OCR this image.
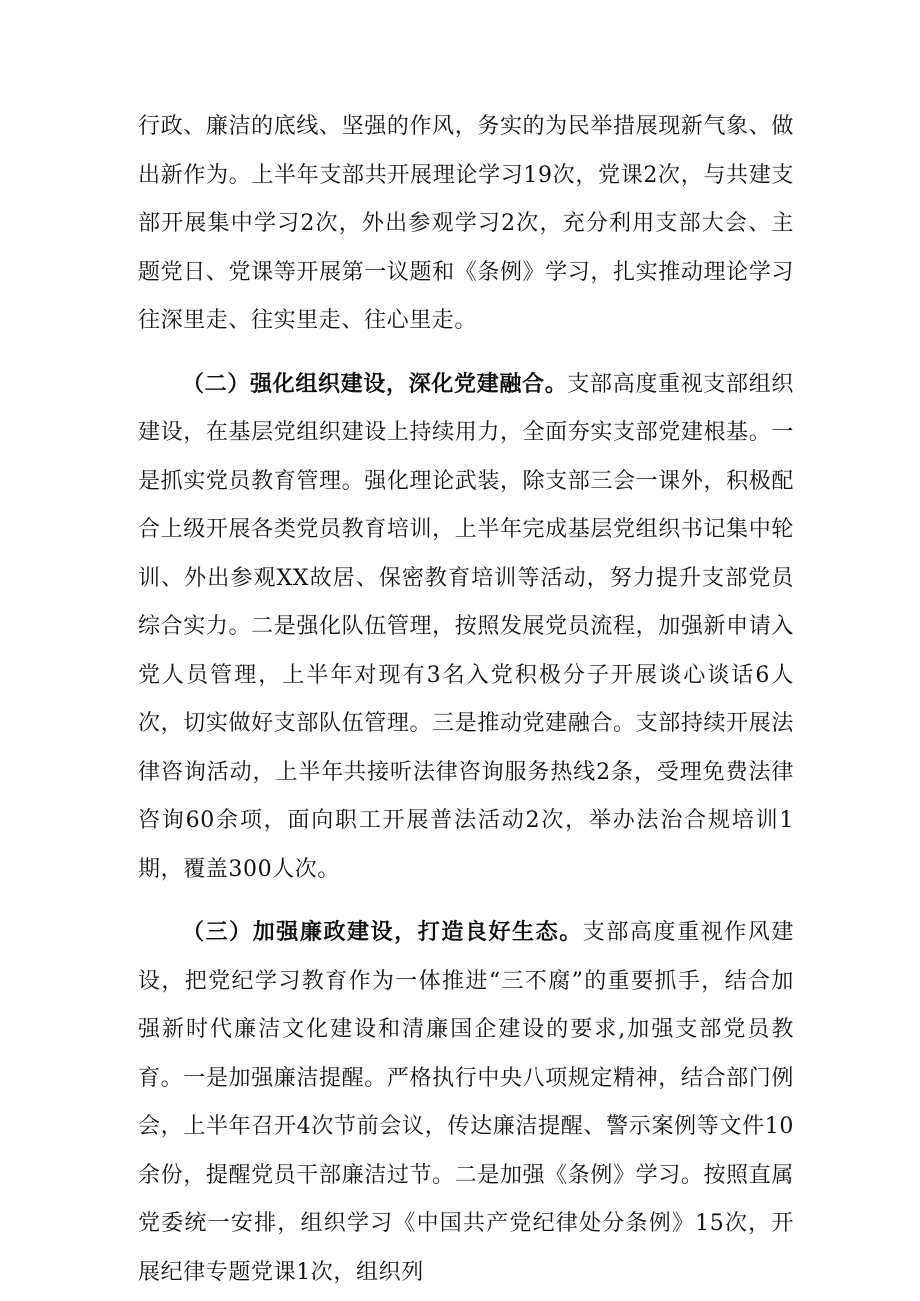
行政、廉洁的底线、坚强的作风，务实的为民举措展现新气象、做出新作为。上半年支部共开展理论学习19次，党课2次，与共建支部开展集中学习2次，外出参观学习2次，充分利用支部大会、主题党日、党课等开展第一议题和《条例》学习，扎实推动理论学习往深里走、往实里走、往心里走。

（二）强化组织建设，深化党建融合。支部高度重视支部组织建设，在基层党组织建设上持续用力，全面夯实支部党建根基。一是抓实党员教育管理。强化理论武装，除支部三会一课外，积极配合上级开展各类党员教育培训，上半年完成基层党组织书记集中轮训、外出参观XX故居、保密教育培训等活动，努力提升支部党员综合实力。二是强化队伍管理，按照发展党员流程，加强新申请入党人员管理，上半年对现有3名入党积极分子开展谈心谈话6人次，切实做好支部队伍管理。三是推动党建融合。支部持续开展法律咨询活动，上半年共接听法律咨询服务热线2条，受理免费法律咨询60余项，面向职工开展普法活动2次，举办法治合规培训1期，覆盖300人次。

（三）加强廉政建设，打造良好生态。支部高度重视作风建设，把党纪学习教育作为一体推进“三不腐”的重要抓手，结合加强新时代廉洁文化建设和清廉国企建设的要求,加强支部党员教育。一是加强廉洁提醒。严格执行中央八项规定精神，结合部门例会，上半年召开4次节前会议，传达廉洁提醒、警示案例等文件10余份，提醒党员干部廉洁过节。二是加强《条例》学习。按照直属党委统一安排，组织学习《中国共产党纪律处分条例》15次，开展纪律专题党课1次，组织列
